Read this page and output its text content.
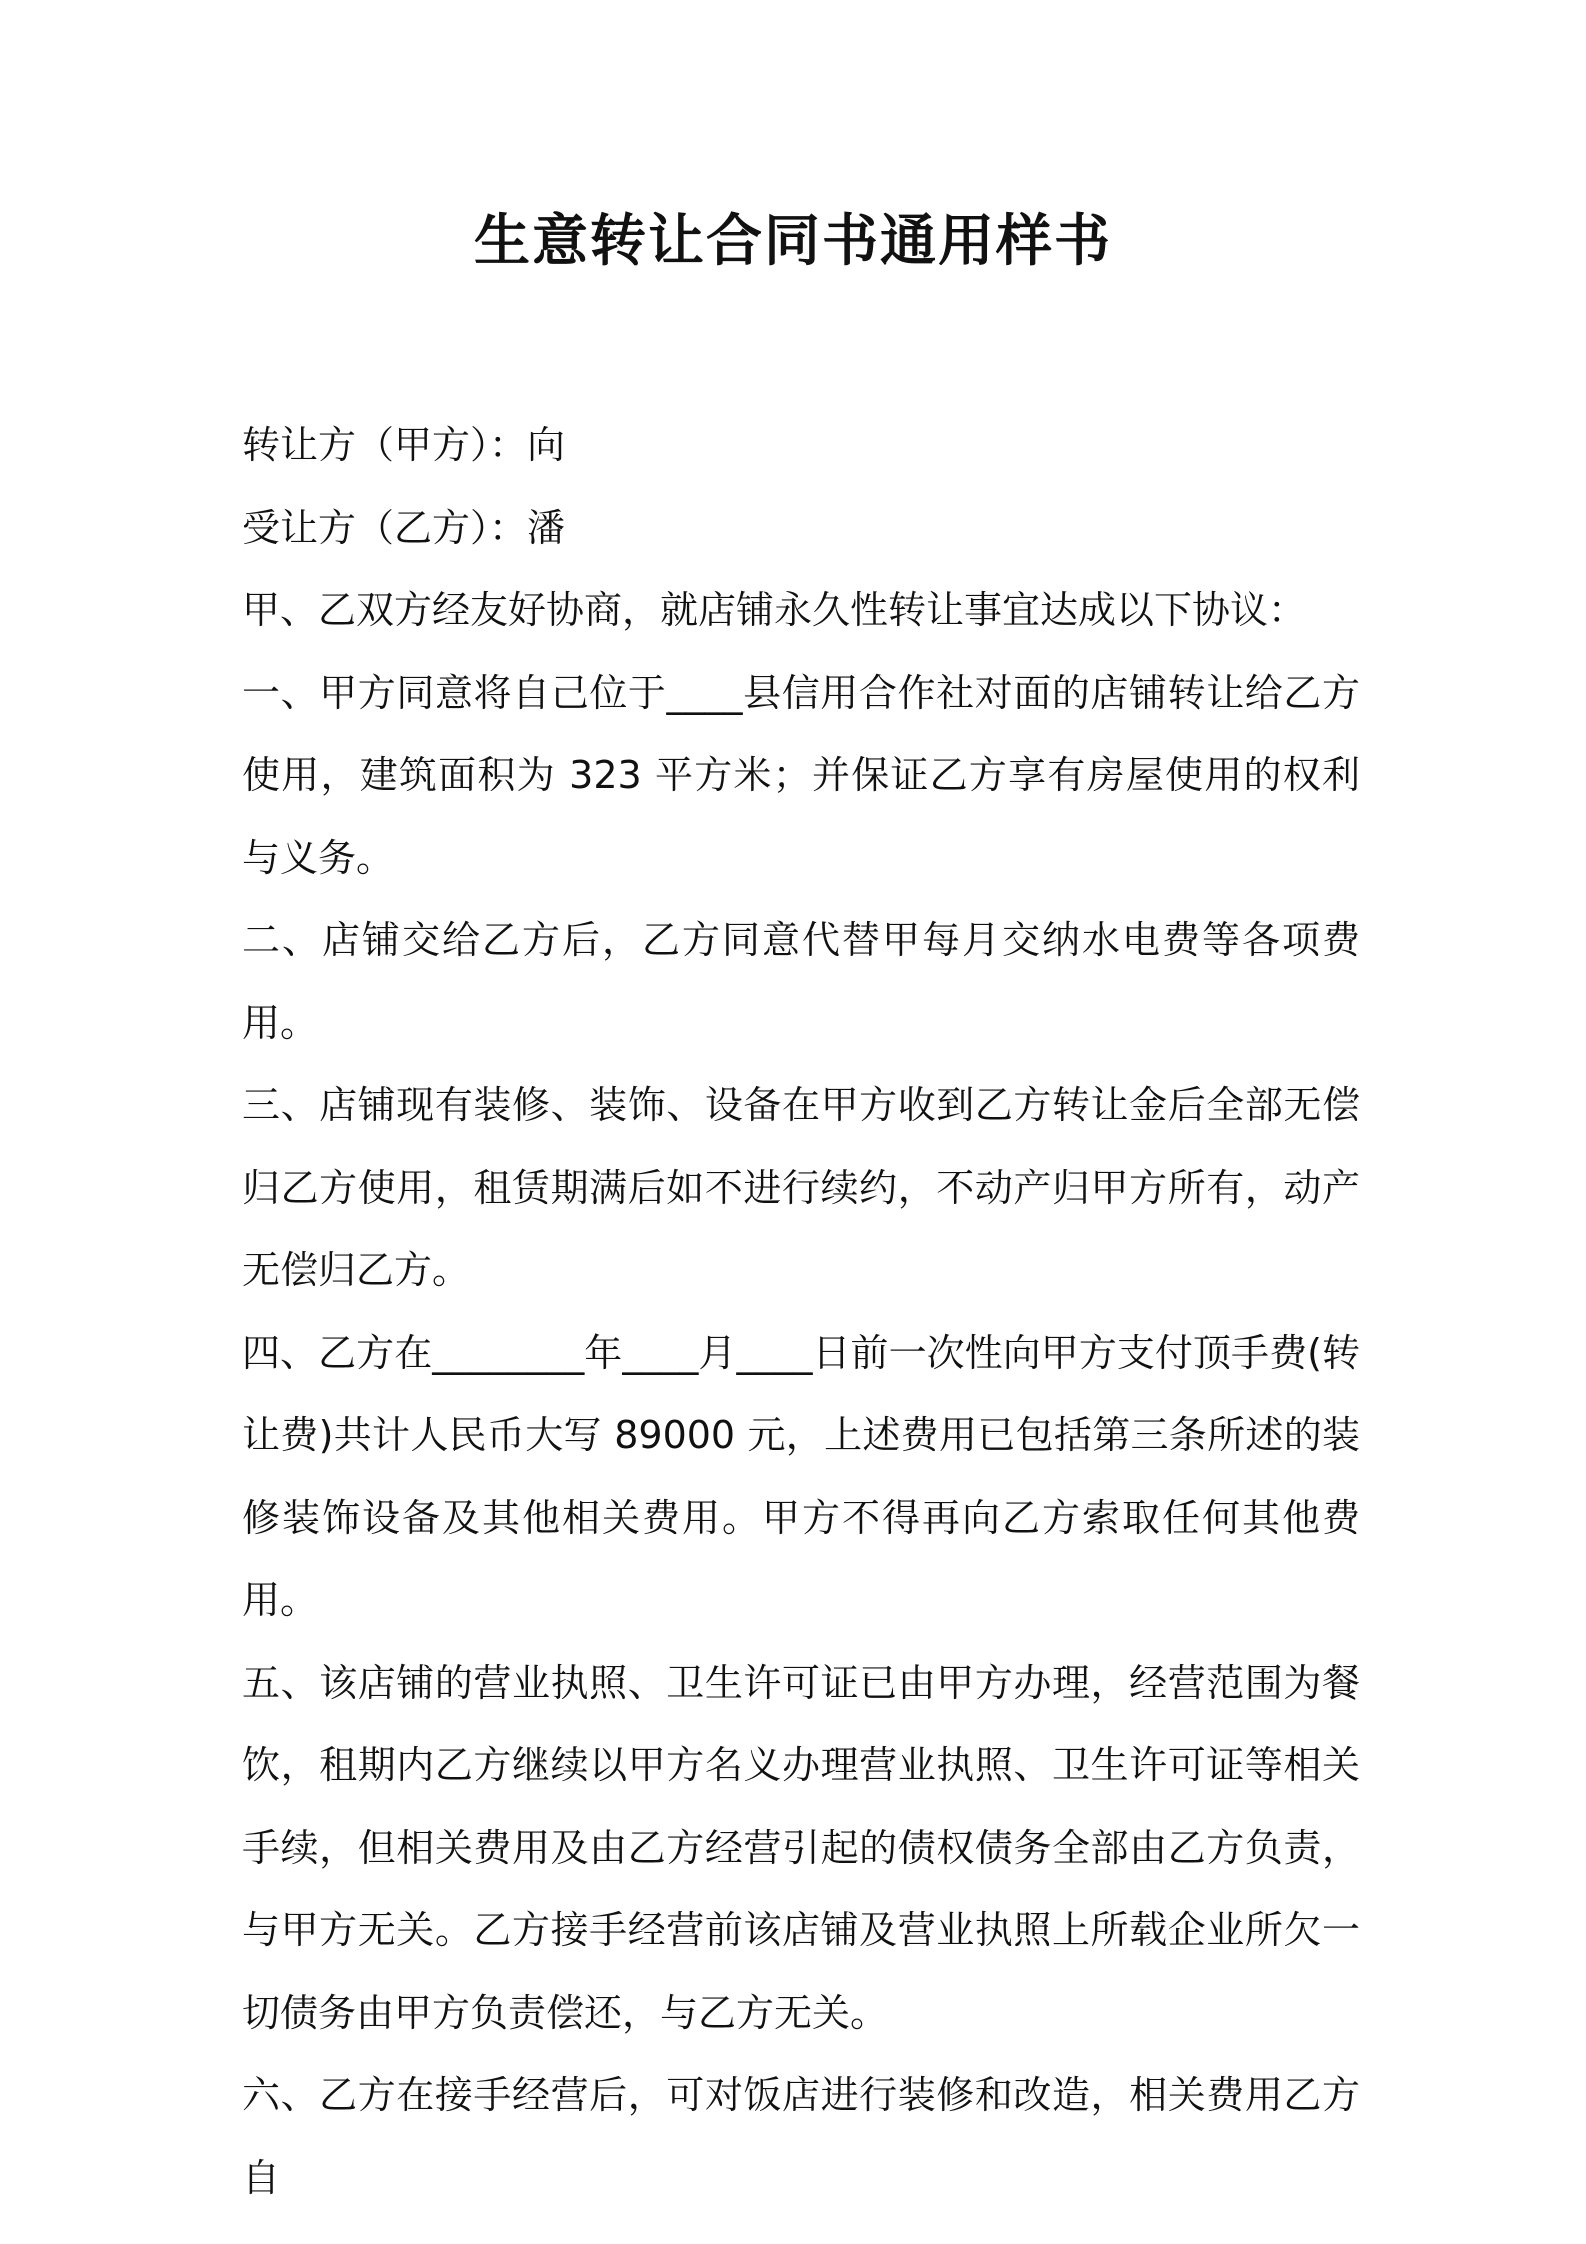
生意转让合同书通用样书

转让方（甲方）：向

受让方（乙方）：潘

甲、乙双方经友好协商，就店铺永久性转让事宜达成以下协议：

一、甲方同意将自己位于____县信用合作社对面的店铺转让给乙方使用，建筑面积为 323 平方米；并保证乙方享有房屋使用的权利与义务。

二、店铺交给乙方后，乙方同意代替甲每月交纳水电费等各项费用。

三、店铺现有装修、装饰、设备在甲方收到乙方转让金后全部无偿归乙方使用，租赁期满后如不进行续约，不动产归甲方所有，动产无偿归乙方。

四、乙方在________年____月____日前一次性向甲方支付顶手费(转让费)共计人民币大写 89000 元，上述费用已包括第三条所述的装修装饰设备及其他相关费用。甲方不得再向乙方索取任何其他费用。

五、该店铺的营业执照、卫生许可证已由甲方办理，经营范围为餐饮，租期内乙方继续以甲方名义办理营业执照、卫生许可证等相关手续，但相关费用及由乙方经营引起的债权债务全部由乙方负责，与甲方无关。乙方接手经营前该店铺及营业执照上所载企业所欠一切债务由甲方负责偿还，与乙方无关。

六、乙方在接手经营后，可对饭店进行装修和改造，相关费用乙方自
